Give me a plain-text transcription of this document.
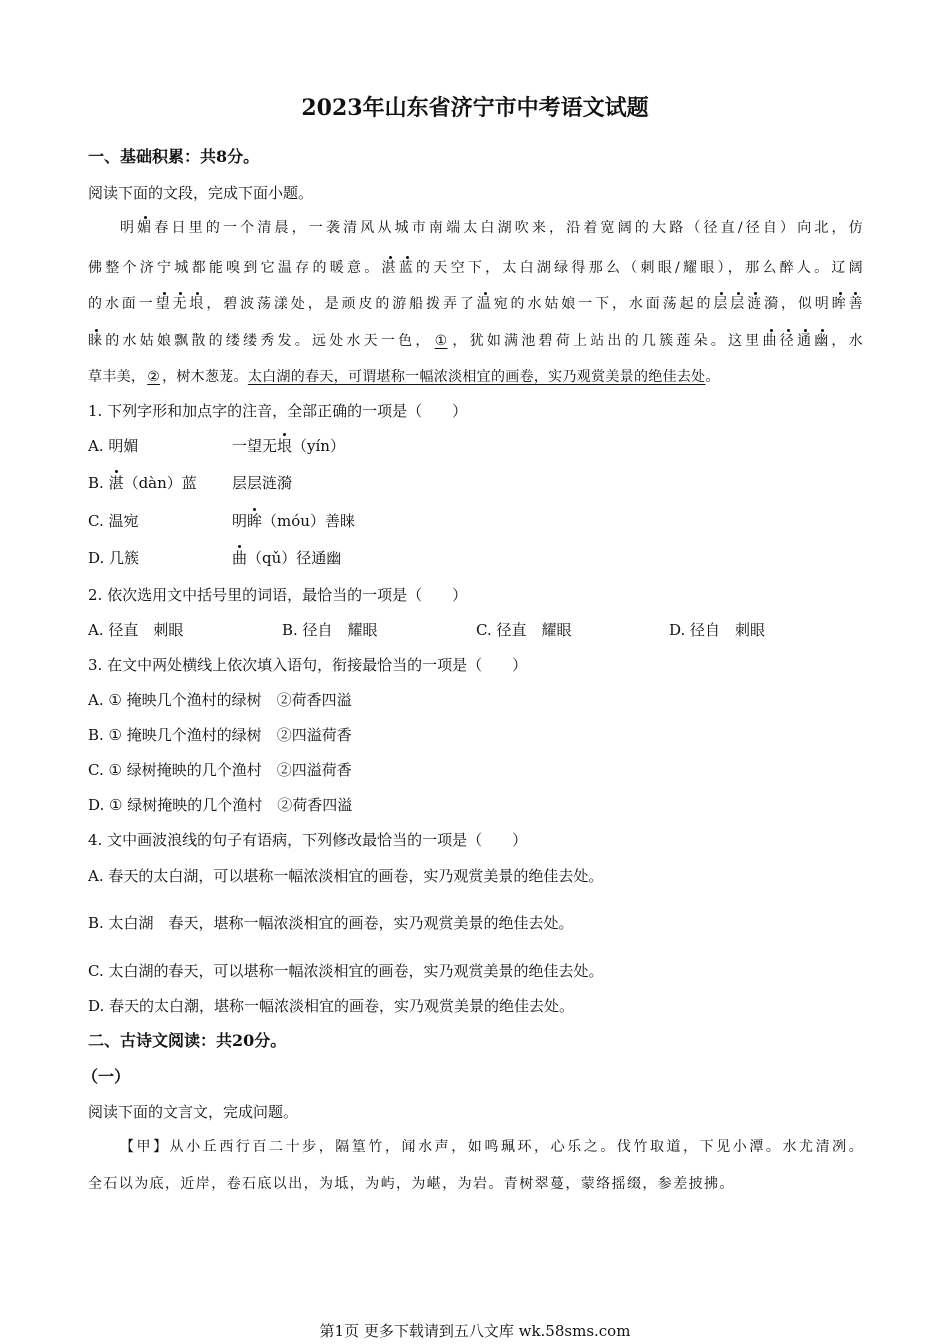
2023年山东省济宁市中考语文试题
一、基础积累：共8分。
阅读下面的文段，完成下面小题。
明媚春日里的一个清晨，一袭清风从城市南端太白湖吹来，沿着宽阔的大路（径直/径自）向北，仿
佛整个济宁城都能嗅到它温存的暖意。湛蓝的天空下，太白湖绿得那么（刺眼/耀眼），那么醉人。辽阔
的水面一望无垠，碧波荡漾处，是顽皮的游船拨弄了温宛的水姑娘一下，水面荡起的层层涟漪，似明眸善
睐的水姑娘飘散的缕缕秀发。远处水天一色， ① ，犹如满池碧荷上站出的几簇莲朵。这里曲径通幽，水
草丰美， ② ，树木葱茏。太白湖的春天，可谓堪称一幅浓淡相宜的画卷，实乃观赏美景的绝佳去处。
1. 下列字形和加点字的注音，全部正确的一项是（　　）
A. 明媚	一望无垠（yín）
B. 湛（dàn）蓝 层层涟漪
C. 温宛	明眸（móu）善睐
D. 几簇	曲（qǔ）径通幽
2. 依次选用文中括号里的词语，最恰当的一项是（　　）
A. 径直　刺眼	B. 径自　耀眼	C. 径直　耀眼	D. 径自　刺眼
3. 在文中两处横线上依次填入语句，衔接最恰当的一项是（　　）
A. ① 掩映几个渔村的绿树　②荷香四溢
B. ① 掩映几个渔村的绿树　②四溢荷香
C. ① 绿树掩映的几个渔村　②四溢荷香
D. ① 绿树掩映的几个渔村　②荷香四溢
4. 文中画波浪线的句子有语病，下列修改最恰当的一项是（　　）
A. 春天的太白湖，可以堪称一幅浓淡相宜的画卷，实乃观赏美景的绝佳去处。
B. 太白湖　春天，堪称一幅浓淡相宜的画卷，实乃观赏美景的绝佳去处。
C. 太白湖的春天，可以堪称一幅浓淡相宜的画卷，实乃观赏美景的绝佳去处。
D. 春天的太白潮，堪称一幅浓淡相宜的画卷，实乃观赏美景的绝佳去处。
二、古诗文阅读：共20分。
（一）
阅读下面的文言文，完成问题。
【甲】从小丘西行百二十步，隔篁竹，闻水声，如鸣珮环，心乐之。伐竹取道，下见小潭。水尤清冽。
全石以为底，近岸，卷石底以出，为坻，为屿，为嵁，为岩。青树翠蔓，蒙络摇缀，参差披拂。
第1页 更多下载请到五八文库 wk.58sms.com
